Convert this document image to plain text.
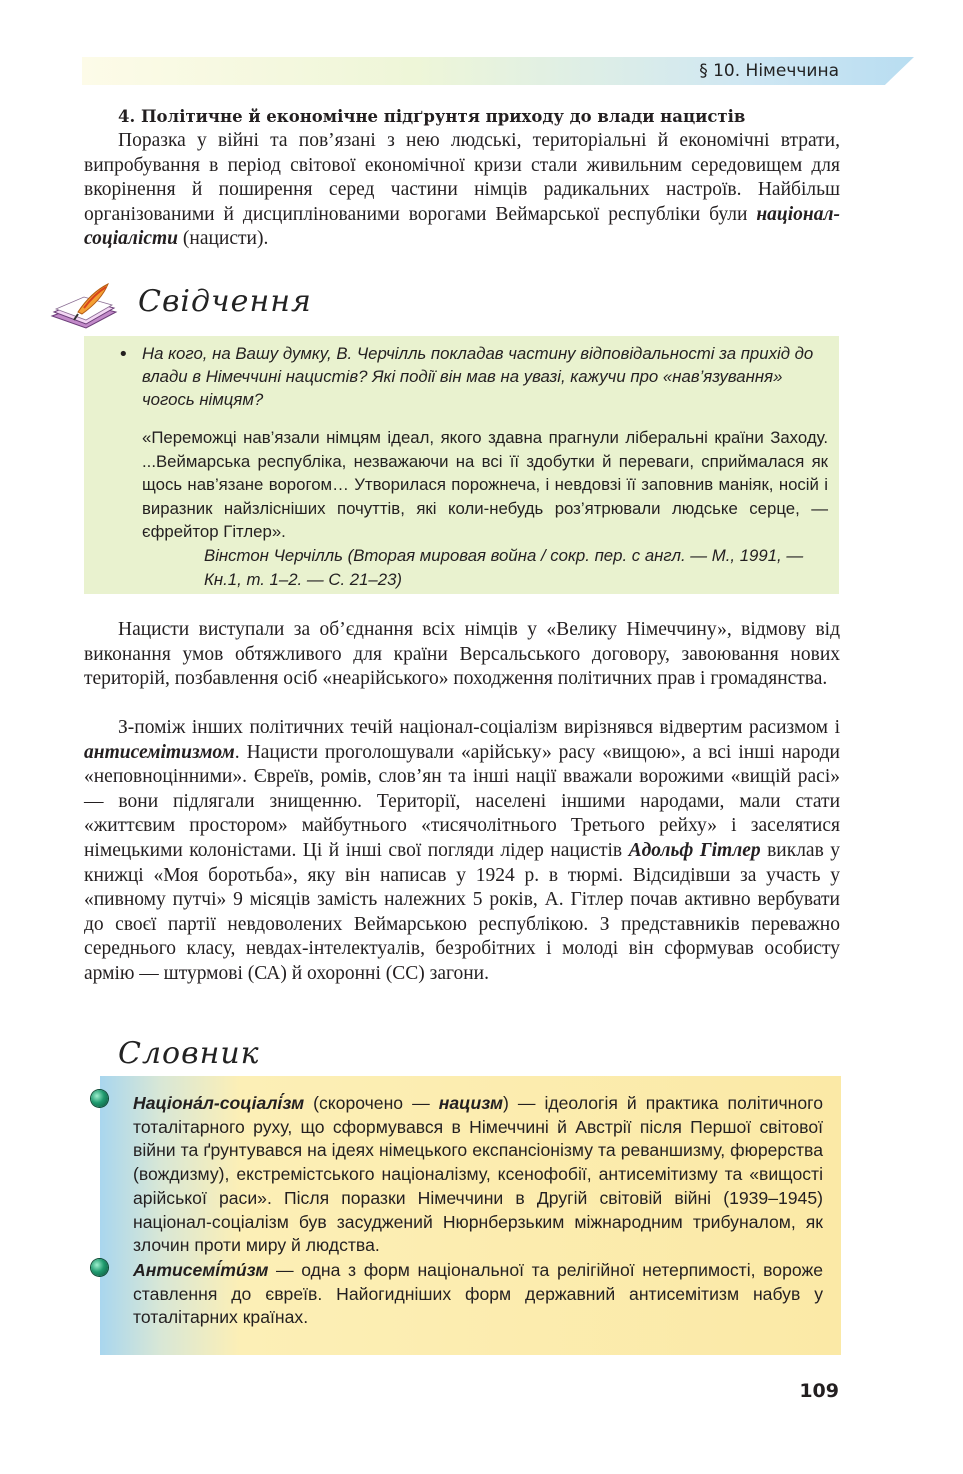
§ 10. Німеччина
4. Політичне й економічне підґрунтя приходу до влади нацистів

Поразка у війні та пов’язані з нею людські, територіальні й економічні втрати, випробування в період світової економічної кризи стали живильним середовищем для вкорінення й поширення серед частини німців радикальних настроїв. Найбільш організованими й дисциплінованими ворогами Веймарської республіки були націонал-соціалісти (нацисти).

Свідчення
• На кого, на Вашу думку, В. Черчілль покладав частину відповідальності за прихід до влади в Німеччині нацистів? Які події він мав на увазі, кажучи про «нав’язування» чогось німцям?
«Переможці нав’язали німцям ідеал, якого здавна прагнули ліберальні країни Заходу. ...Веймарська республіка, незважаючи на всі її здобутки й переваги, сприймалася як щось нав’язане ворогом… Утворилася порожнеча, і невдовзі її заповнив маніяк, носій і виразник найзлісніших почуттів, які коли-небудь роз’ятрювали людське серце, — єфрейтор Гітлер».
Вінстон Черчілль (Вторая мировая война / сокр. пер. с англ. — М., 1991, — Кн.1, т. 1–2. — С. 21–23)

Нацисти виступали за об’єднання всіх німців у «Велику Німеччину», відмову від виконання умов обтяжливого для країни Версальського договору, завоювання нових територій, позбавлення осіб «неарійського» походження політичних прав і громадянства.

З-поміж інших політичних течій націонал-соціалізм вирізнявся відвертим расизмом і антисемітизмом. Нацисти проголошували «арійську» расу «вищою», а всі інші народи «неповноцінними». Євреїв, ромів, слов’ян та інші нації вважали ворожими «вищій расі» — вони підлягали знищенню. Території, населені іншими народами, мали стати «життєвим простором» майбутнього «тисячолітнього Третього рейху» і заселятися німецькими колоністами. Ці й інші свої погляди лідер нацистів Адольф Гітлер виклав у книжці «Моя боротьба», яку він написав у 1924 р. в тюрмі. Відсидівши за участь у «пивному путчі» 9 місяців замість належних 5 років, А. Гітлер почав активно вербувати до своєї партії невдоволених Веймарською республікою. З представників переважно середнього класу, невдах-інтелектуалів, безробітних і молоді він сформував особисту армію — штурмові (СА) й охоронні (СС) загони.

Словник
Націона́л-соціалі́зм (скорочено — нацизм) — ідеологія й практика політичного тоталітарного руху, що сформувався в Німеччині й Австрії після Першої світової війни та ґрунтувався на ідеях німецького експансіонізму та реваншизму, фюрерства (вождизму), екстремістського націоналізму, ксенофобії, антисемітизму та «вищості арійської раси». Після поразки Німеччини в Другій світовій війні (1939–1945) націонал-соціалізм був засуджений Нюрнберзьким міжнародним трибуналом, як злочин проти миру й людства.
Антисемі́ти́зм — одна з форм національної та релігійної нетерпимості, вороже ставлення до євреїв. Найогидніших форм державний антисемітизм набув у тоталітарних країнах.
109
